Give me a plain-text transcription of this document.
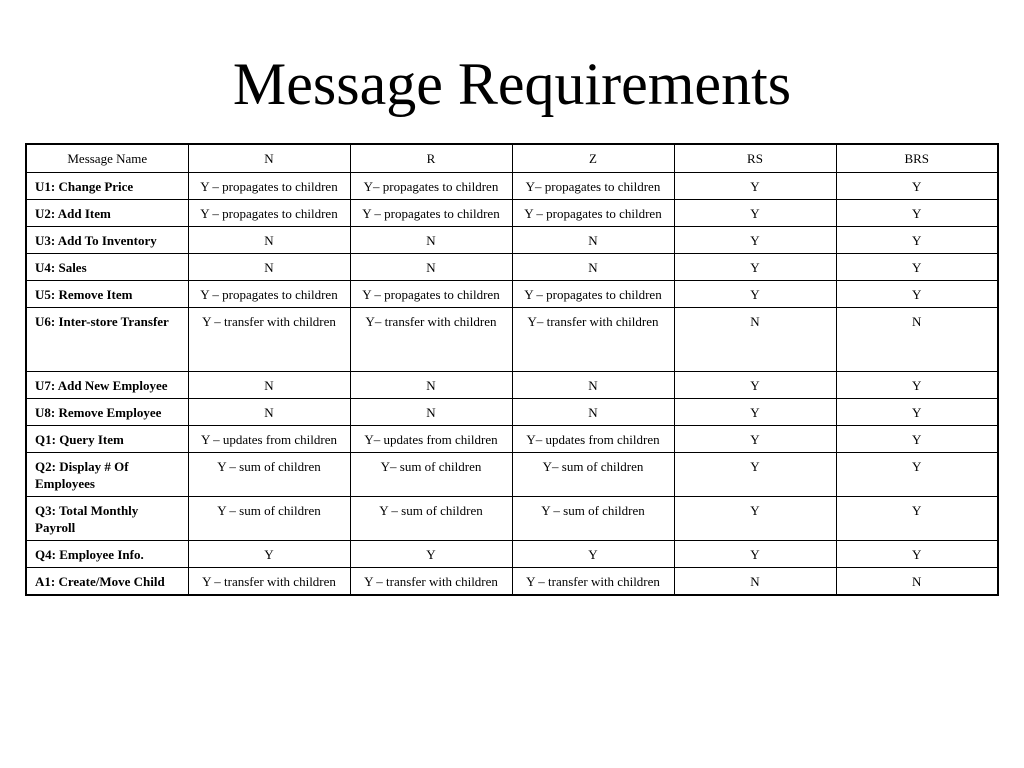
Message Requirements
Message Name	N	R	Z	RS	BRS
U1: Change Price	Y – propagates to children	Y– propagates to children	Y– propagates to children	Y	Y
U2: Add Item	Y – propagates to children	Y – propagates to children	Y – propagates to children	Y	Y
U3: Add To Inventory	N	N	N	Y	Y
U4: Sales	N	N	N	Y	Y
U5: Remove Item	Y – propagates to children	Y – propagates to children	Y – propagates to children	Y	Y
U6: Inter-store Transfer	Y – transfer with children	Y– transfer with children	Y– transfer with children	N	N
U7: Add New Employee	N	N	N	Y	Y
U8: Remove Employee	N	N	N	Y	Y
Q1: Query Item	Y – updates from children	Y– updates from children	Y– updates from children	Y	Y
Q2: Display # Of Employees	Y – sum of children	Y– sum of children	Y– sum of children	Y	Y
Q3: Total Monthly Payroll	Y – sum of children	Y – sum of children	Y – sum of children	Y	Y
Q4: Employee Info.	Y	Y	Y	Y	Y
A1: Create/Move Child	Y – transfer with children	Y – transfer with children	Y – transfer with children	N	N
